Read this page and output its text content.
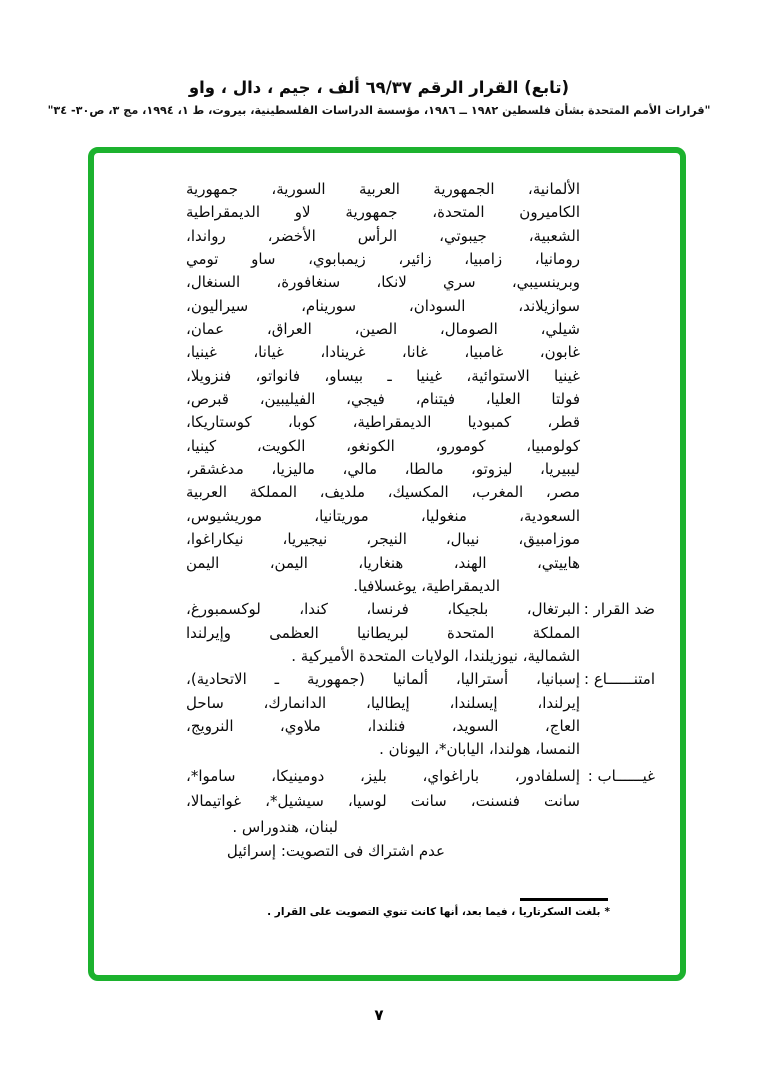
(تابع) القرار الرقم ٦٩/٣٧ ألف ، جيم ، دال ، واو
"قرارات الأمم المتحدة بشأن فلسطين ١٩٨٢ ــ ١٩٨٦، مؤسسة الدراسات الفلسطينية، بيروت، ط ١، ١٩٩٤، مج ٣، ص٣٠- ٣٤"
الألمانية، الجمهورية العربية السورية، جمهورية
الكاميرون المتحدة، جمهورية لاو الديمقراطية
الشعبية، جيبوتي، الرأس الأخضر، رواندا،
رومانيا، زامبيا، زائير، زيمبابوي، ساو تومي
وبرينسيبي، سري لانكا، سنغافورة، السنغال،
سوازيلاند، السودان، سورينام، سيراليون،
شيلي، الصومال، الصين، العراق، عمان،
غابون، غامبيا، غانا، غرينادا، غيانا، غينيا،
غينيا الاستوائية، غينيا ـ بيساو، فانواتو، فنزويلا،
فولتا العليا، فيتنام، فيجي، الفيليبين، قبرص،
قطر، كمبوديا الديمقراطية، كوبا، كوستاريكا،
كولومبيا، كومورو، الكونغو، الكويت، كينيا،
ليبيريا، ليزوتو، مالطا، مالي، ماليزيا، مدغشقر،
مصر، المغرب، المكسيك، ملديف، المملكة العربية
السعودية، منغوليا، موريتانيا، موريشيوس،
موزامبيق، نيبال، النيجر، نيجيريا، نيكاراغوا،
هاييتي، الهند، هنغاريا، اليمن، اليمن
الديمقراطية، يوغسلافيا.
ضد القرار :
البرتغال، بلجيكا، فرنسا، كندا، لوكسمبورغ،
المملكة المتحدة لبريطانيا العظمى وإيرلندا
الشمالية، نيوزيلندا، الولايات المتحدة الأميركية .
امتنــــــاع :
إسبانيا، أستراليا، ألمانيا (جمهورية ـ الاتحادية)،
إيرلندا، إيسلندا، إيطاليا، الدانمارك، ساحل
العاج، السويد، فنلندا، ملاوي، النرويج،
النمسا، هولندا، اليابان*، اليونان .
غيــــــاب :
إلسلفادور، باراغواي، بليز، دومينيكا، ساموا*،
سانت فنسنت، سانت لوسيا، سيشيل*، غواتيمالا،
لبنان، هندوراس .
عدم اشتراك فى التصويت: إسرائيل
*بلغت السكرتاريا ، فيما بعد، أنها كانت تنوي التصويت على القرار .
٧
